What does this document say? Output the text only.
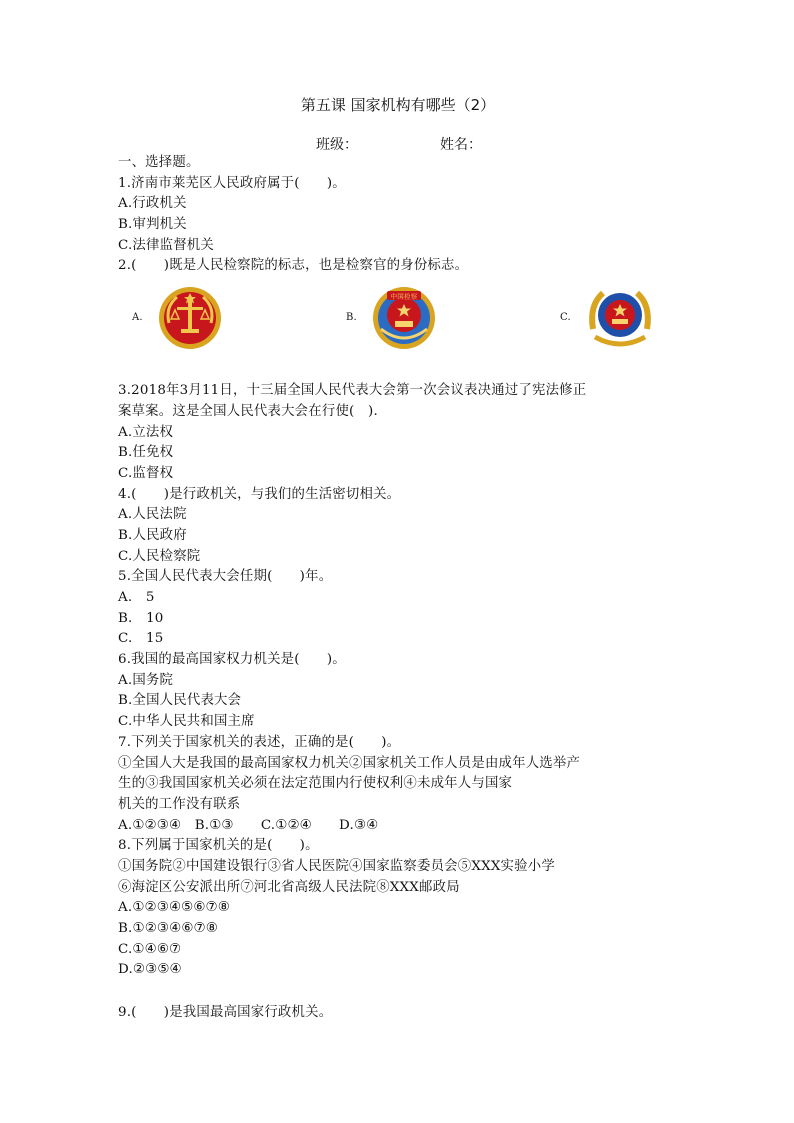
第五课 国家机构有哪些（2）
班级：	姓名：
一、选择题。
1.济南市莱芜区人民政府属于(　　)。
A.行政机关
B.审判机关
C.法律监督机关
2.(　　)既是人民检察院的标志，也是检察官的身份标志。
A.	B.
中国检察
C.
3.2018年3月11日，十三届全国人民代表大会第一次会议表决通过了宪法修正
案草案。这是全国人民代表大会在行使(　).
A.立法权
B.任免权
C.监督权
4.(　　)是行政机关，与我们的生活密切相关。
A.人民法院
B.人民政府
C.人民检察院
5.全国人民代表大会任期(　　)年。
A.　5
B.　10
C.　15
6.我国的最高国家权力机关是(　　)。
A.国务院
B.全国人民代表大会
C.中华人民共和国主席
7.下列关于国家机关的表述，正确的是(　　)。
①全国人大是我国的最高国家权力机关②国家机关工作人员是由成年人选举产
生的③我国国家机关必须在法定范围内行使权利④未成年人与国家
机关的工作没有联系
A.①②③④　B.①③　　C.①②④　　D.③④
8.下列属于国家机关的是(　　)。
①国务院②中国建设银行③省人民医院④国家监察委员会⑤XXX实验小学
⑥海淀区公安派出所⑦河北省高级人民法院⑧XXX邮政局
A.①②③④⑤⑥⑦⑧
B.①②③④⑥⑦⑧
C.①④⑥⑦
D.②③⑤④
9.(　　)是我国最高国家行政机关。
